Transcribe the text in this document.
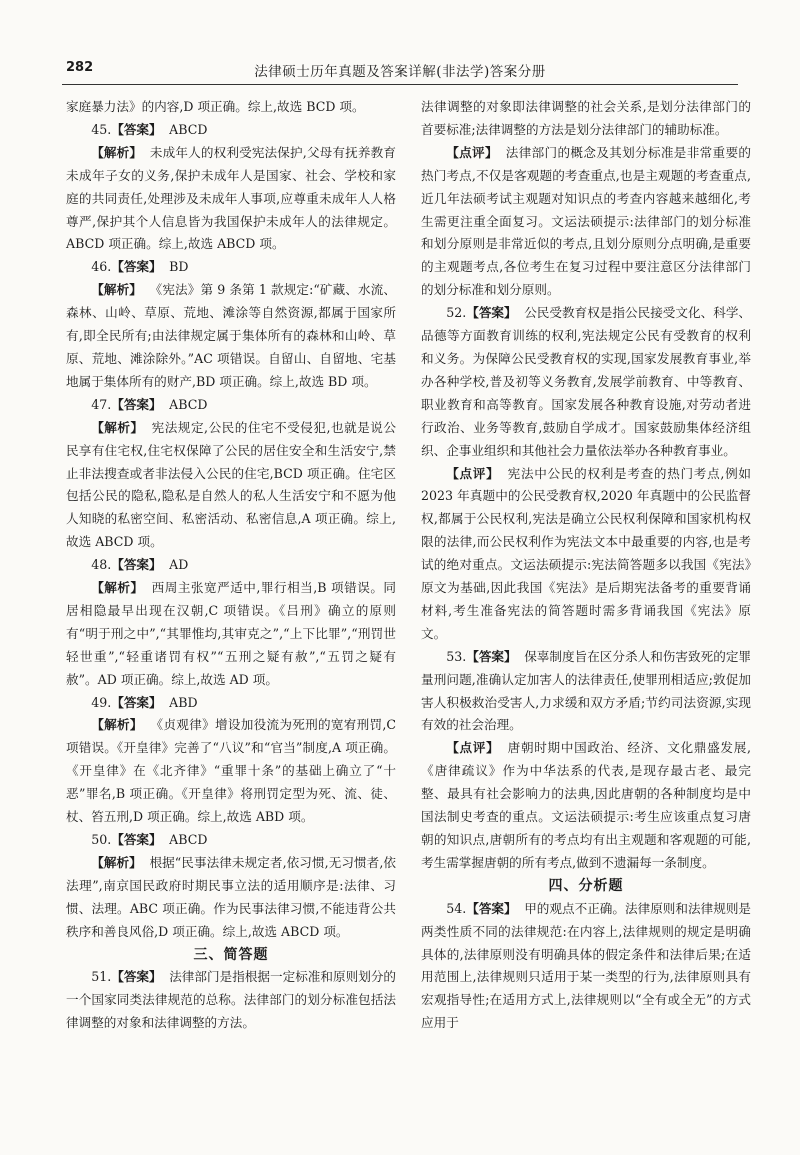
282	法律硕士历年真题及答案详解(非法学)答案分册

家庭暴力法》的内容,D 项正确。综上,故选 BCD 项。

45.【答案】 ABCD

【解析】 未成年人的权利受宪法保护,父母有抚养教育未成年子女的义务,保护未成年人是国家、社会、学校和家庭的共同责任,处理涉及未成年人事项,应尊重未成年人人格尊严,保护其个人信息皆为我国保护未成年人的法律规定。ABCD 项正确。综上,故选 ABCD 项。

46.【答案】 BD

【解析】 《宪法》第 9 条第 1 款规定:“矿藏、水流、森林、山岭、草原、荒地、滩涂等自然资源,都属于国家所有,即全民所有;由法律规定属于集体所有的森林和山岭、草原、荒地、滩涂除外。”AC 项错误。自留山、自留地、宅基地属于集体所有的财产,BD 项正确。综上,故选 BD 项。

47.【答案】 ABCD

【解析】 宪法规定,公民的住宅不受侵犯,也就是说公民享有住宅权,住宅权保障了公民的居住安全和生活安宁,禁止非法搜查或者非法侵入公民的住宅,BCD 项正确。住宅区包括公民的隐私,隐私是自然人的私人生活安宁和不愿为他人知晓的私密空间、私密活动、私密信息,A 项正确。综上,故选 ABCD 项。

48.【答案】 AD

【解析】 西周主张宽严适中,罪行相当,B 项错误。同居相隐最早出现在汉朝,C 项错误。《吕刑》确立的原则有“明于刑之中”,“其罪惟均,其审克之”,“上下比罪”,“刑罚世轻世重”,“轻重诸罚有权”“五刑之疑有赦”,“五罚之疑有赦”。AD 项正确。综上,故选 AD 项。

49.【答案】 ABD

【解析】 《贞观律》增设加役流为死刑的宽宥刑罚,C 项错误。《开皇律》完善了“八议”和“官当”制度,A 项正确。《开皇律》在《北齐律》“重罪十条”的基础上确立了“十恶”罪名,B 项正确。《开皇律》将刑罚定型为死、流、徒、杖、笞五刑,D 项正确。综上,故选 ABD 项。

50.【答案】 ABCD

【解析】 根据“民事法律未规定者,依习惯,无习惯者,依法理”,南京国民政府时期民事立法的适用顺序是:法律、习惯、法理。ABC 项正确。作为民事法律习惯,不能违背公共秩序和善良风俗,D 项正确。综上,故选 ABCD 项。

三、简答题

51.【答案】 法律部门是指根据一定标准和原则划分的一个国家同类法律规范的总称。法律部门的划分标准包括法律调整的对象和法律调整的方法。

法律调整的对象即法律调整的社会关系,是划分法律部门的首要标准;法律调整的方法是划分法律部门的辅助标准。

【点评】 法律部门的概念及其划分标准是非常重要的热门考点,不仅是客观题的考查重点,也是主观题的考查重点,近几年法硕考试主观题对知识点的考查内容越来越细化,考生需更注重全面复习。文运法硕提示:法律部门的划分标准和划分原则是非常近似的考点,且划分原则分点明确,是重要的主观题考点,各位考生在复习过程中要注意区分法律部门的划分标准和划分原则。

52.【答案】 公民受教育权是指公民接受文化、科学、品德等方面教育训练的权利,宪法规定公民有受教育的权利和义务。为保障公民受教育权的实现,国家发展教育事业,举办各种学校,普及初等义务教育,发展学前教育、中等教育、职业教育和高等教育。国家发展各种教育设施,对劳动者进行政治、业务等教育,鼓励自学成才。国家鼓励集体经济组织、企事业组织和其他社会力量依法举办各种教育事业。

【点评】 宪法中公民的权利是考查的热门考点,例如 2023 年真题中的公民受教育权,2020 年真题中的公民监督权,都属于公民权利,宪法是确立公民权利保障和国家机构权限的法律,而公民权利作为宪法文本中最重要的内容,也是考试的绝对重点。文运法硕提示:宪法简答题多以我国《宪法》原文为基础,因此我国《宪法》是后期宪法备考的重要背诵材料,考生准备宪法的简答题时需多背诵我国《宪法》原文。

53.【答案】 保辜制度旨在区分杀人和伤害致死的定罪量刑问题,准确认定加害人的法律责任,使罪刑相适应;敦促加害人积极救治受害人,力求缓和双方矛盾;节约司法资源,实现有效的社会治理。

【点评】 唐朝时期中国政治、经济、文化鼎盛发展,《唐律疏议》作为中华法系的代表,是现存最古老、最完整、最具有社会影响力的法典,因此唐朝的各种制度均是中国法制史考查的重点。文运法硕提示:考生应该重点复习唐朝的知识点,唐朝所有的考点均有出主观题和客观题的可能,考生需掌握唐朝的所有考点,做到不遗漏每一条制度。

四、分析题

54.【答案】 甲的观点不正确。法律原则和法律规则是两类性质不同的法律规范:在内容上,法律规则的规定是明确具体的,法律原则没有明确具体的假定条件和法律后果;在适用范围上,法律规则只适用于某一类型的行为,法律原则具有宏观指导性;在适用方式上,法律规则以“全有或全无”的方式应用于
